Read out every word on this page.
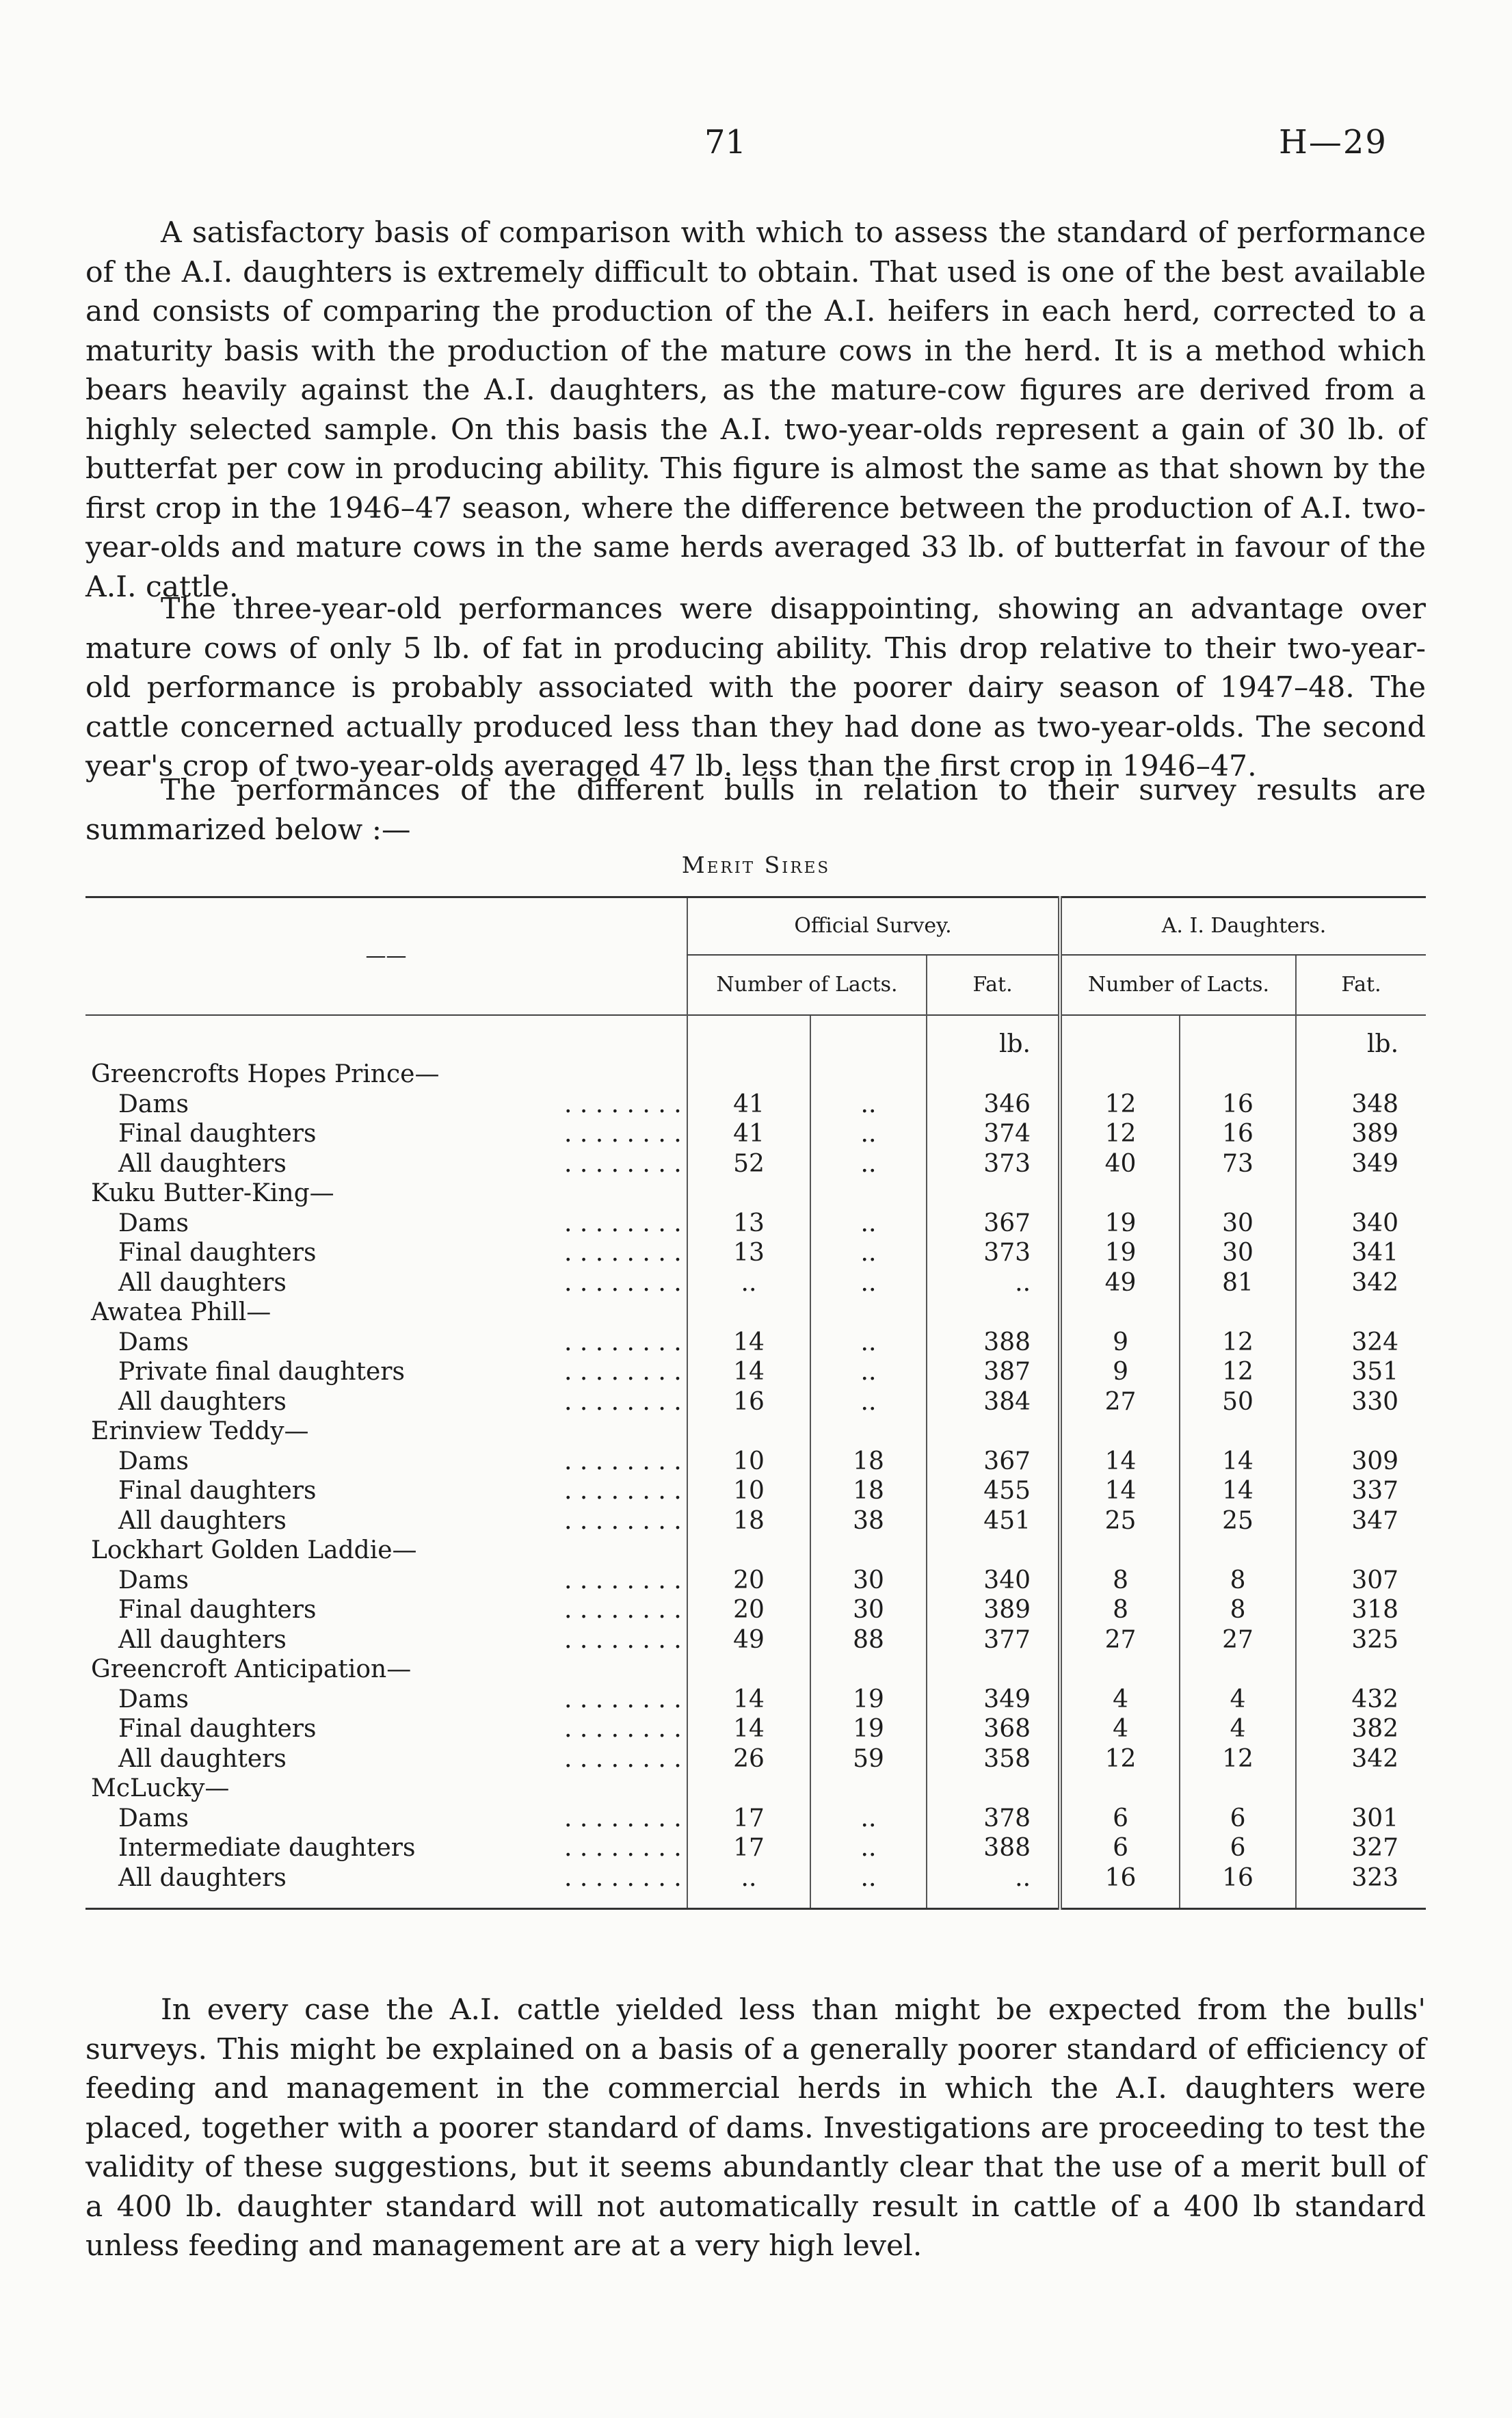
71	H—29

A satisfactory basis of comparison with which to assess the standard of performance of the A.I. daughters is extremely difficult to obtain. That used is one of the best available and consists of comparing the production of the A.I. heifers in each herd, corrected to a maturity basis with the production of the mature cows in the herd. It is a method which bears heavily against the A.I. daughters, as the mature-cow figures are derived from a highly selected sample. On this basis the A.I. two-year-olds represent a gain of 30 lb. of butterfat per cow in producing ability. This figure is almost the same as that shown by the first crop in the 1946–47 season, where the difference between the production of A.I. two-year-olds and mature cows in the same herds averaged 33 lb. of butterfat in favour of the A.I. cattle.

The three-year-old performances were disappointing, showing an advantage over mature cows of only 5 lb. of fat in producing ability. This drop relative to their two-year-old performance is probably associated with the poorer dairy season of 1947–48. The cattle concerned actually produced less than they had done as two-year-olds. The second year's crop of two-year-olds averaged 47 lb. less than the first crop in 1946–47.

The performances of the different bulls in relation to their survey results are summarized below :—

Merit Sires
——	Official Survey.			A. I. Daughters.		
	Number of Lacts.		Fat.	Number of Lacts.		Fat.
			lb.			lb.
Greencrofts Hopes Prince—						
Dams . . . . . . . .	41	..	346	12	16	348
Final daughters . . . . . . . .	41	..	374	12	16	389
All daughters . . . . . . . .	52	..	373	40	73	349
Kuku Butter-King—						
Dams . . . . . . . .	13	..	367	19	30	340
Final daughters . . . . . . . .	13	..	373	19	30	341
All daughters . . . . . . . .	..	..	..	49	81	342
Awatea Phill—						
Dams . . . . . . . .	14	..	388	9	12	324
Private final daughters . . . . . . . .	14	..	387	9	12	351
All daughters . . . . . . . .	16	..	384	27	50	330
Erinview Teddy—						
Dams . . . . . . . .	10	18	367	14	14	309
Final daughters . . . . . . . .	10	18	455	14	14	337
All daughters . . . . . . . .	18	38	451	25	25	347
Lockhart Golden Laddie—						
Dams . . . . . . . .	20	30	340	8	8	307
Final daughters . . . . . . . .	20	30	389	8	8	318
All daughters . . . . . . . .	49	88	377	27	27	325
Greencroft Anticipation—						
Dams . . . . . . . .	14	19	349	4	4	432
Final daughters . . . . . . . .	14	19	368	4	4	382
All daughters . . . . . . . .	26	59	358	12	12	342
McLucky—						
Dams . . . . . . . .	17	..	378	6	6	301
Intermediate daughters . . . . . . . .	17	..	388	6	6	327
All daughters . . . . . . . .	..	..	..	16	16	323

In every case the A.I. cattle yielded less than might be expected from the bulls' surveys. This might be explained on a basis of a generally poorer standard of efficiency of feeding and management in the commercial herds in which the A.I. daughters were placed, together with a poorer standard of dams. Investigations are proceeding to test the validity of these suggestions, but it seems abundantly clear that the use of a merit bull of a 400 lb. daughter standard will not automatically result in cattle of a 400 lb standard unless feeding and management are at a very high level.
